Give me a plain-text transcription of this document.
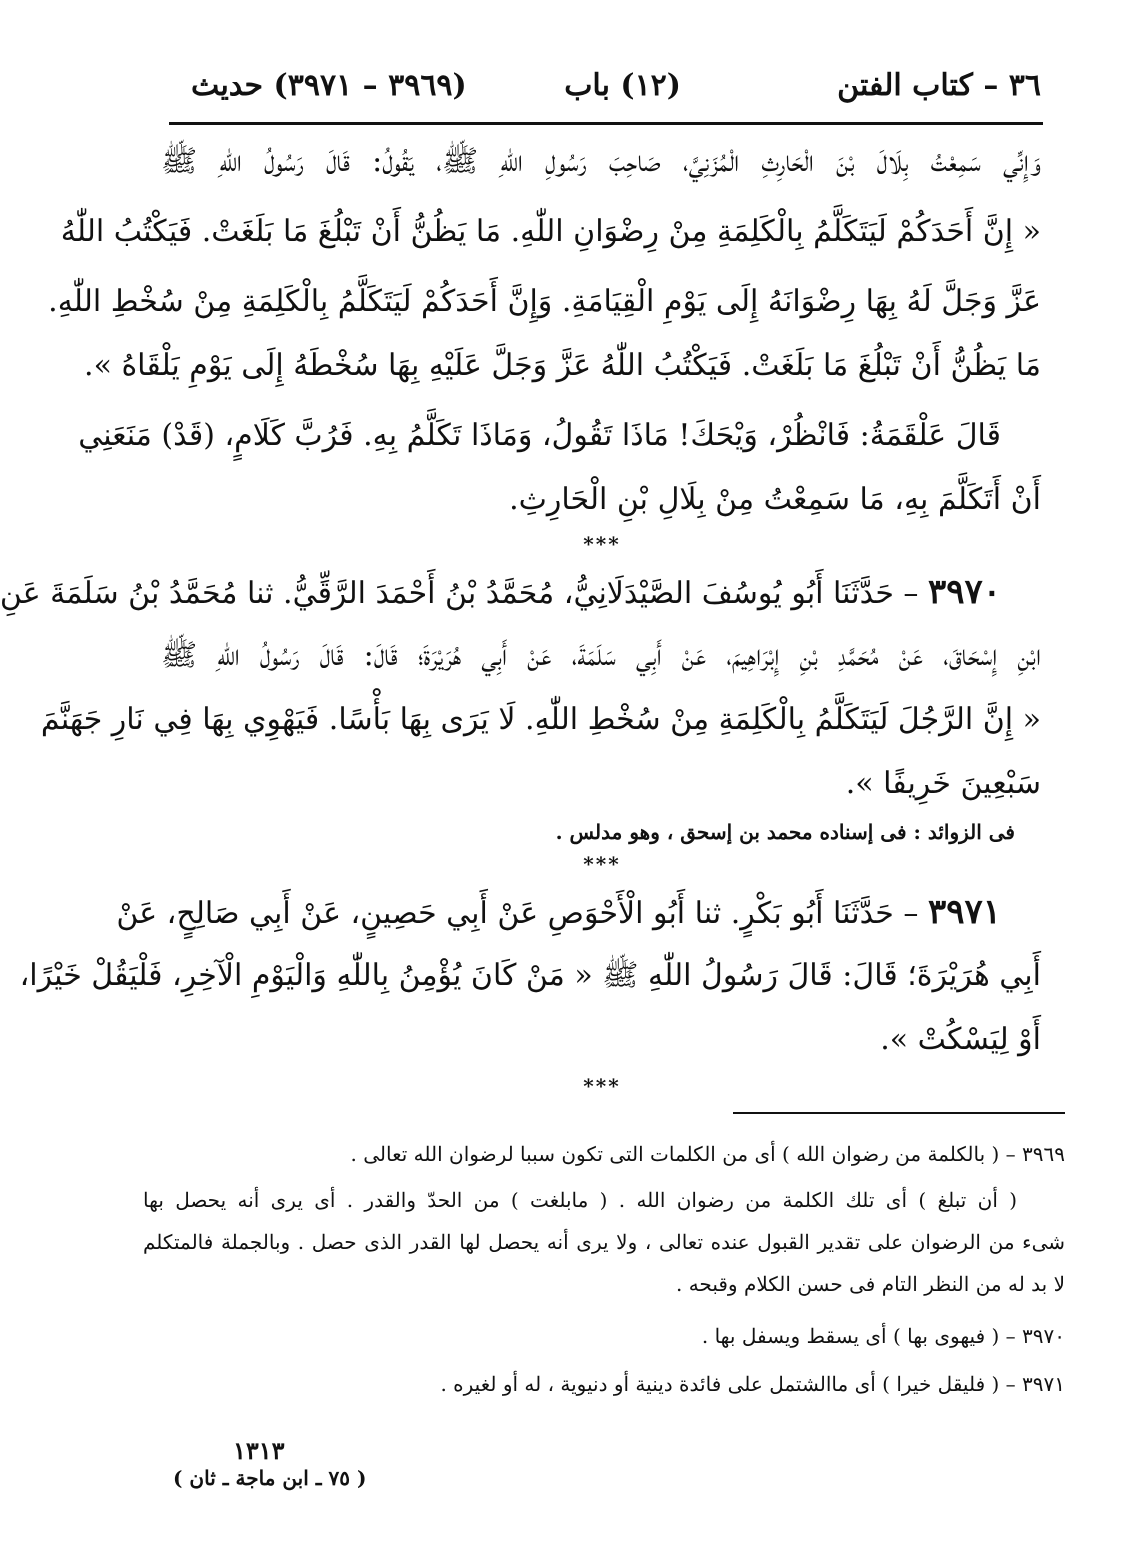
٣٦ – كتاب الفتن
(١٢) باب
(٣٩٦٩ – ٣٩٧١) حديث
وَإِنِّي سَمِعْتُ بِلَالَ بْنَ الْحَارِثِ الْمُزَنِيَّ، صَاحِبَ رَسُولِ اللّٰهِ ﷺ، يَقُولُ: قَالَ رَسُولُ اللّٰهِ ﷺ
« إِنَّ أَحَدَكُمْ لَيَتَكَلَّمُ بِالْكَلِمَةِ مِنْ رِضْوَانِ اللّٰهِ. مَا يَظُنُّ أَنْ تَبْلُغَ مَا بَلَغَتْ. فَيَكْتُبُ اللّٰهُ
عَزَّ وَجَلَّ لَهُ بِهَا رِضْوَانَهُ إِلَى يَوْمِ الْقِيَامَةِ. وَإِنَّ أَحَدَكُمْ لَيَتَكَلَّمُ بِالْكَلِمَةِ مِنْ سُخْطِ اللّٰهِ.
مَا يَظُنُّ أَنْ تَبْلُغَ مَا بَلَغَتْ. فَيَكْتُبُ اللّٰهُ عَزَّ وَجَلَّ عَلَيْهِ بِهَا سُخْطَهُ إِلَى يَوْمِ يَلْقَاهُ ».
قَالَ عَلْقَمَةُ: فَانْظُرْ، وَيْحَكَ! مَاذَا تَقُولُ، وَمَاذَا تَكَلَّمُ بِهِ. فَرُبَّ كَلَامٍ، (قَدْ) مَنَعَنِي
أَنْ أَتَكَلَّمَ بِهِ، مَا سَمِعْتُ مِنْ بِلَالِ بْنِ الْحَارِثِ.
***
٣٩٧٠ – حَدَّثَنَا أَبُو يُوسُفَ الصَّيْدَلَانِيُّ، مُحَمَّدُ بْنُ أَحْمَدَ الرَّقِّيُّ. ثنا مُحَمَّدُ بْنُ سَلَمَةَ عَنِ
ابْنِ إِسْحَاقَ، عَنْ مُحَمَّدِ بْنِ إِبْرَاهِيمَ، عَنْ أَبِي سَلَمَةَ، عَنْ أَبِي هُرَيْرَةَ؛ قَالَ: قَالَ رَسُولُ اللّٰهِ ﷺ
« إِنَّ الرَّجُلَ لَيَتَكَلَّمُ بِالْكَلِمَةِ مِنْ سُخْطِ اللّٰهِ. لَا يَرَى بِهَا بَأْسًا. فَيَهْوِي بِهَا فِي نَارِ جَهَنَّمَ
سَبْعِينَ خَرِيفًا ».
فى الزوائد : فى إسناده محمد بن إسحق ، وهو مدلس .
***
٣٩٧١ – حَدَّثَنَا أَبُو بَكْرٍ. ثنا أَبُو الْأَحْوَصِ عَنْ أَبِي حَصِينٍ، عَنْ أَبِي صَالِحٍ، عَنْ
أَبِي هُرَيْرَةَ؛ قَالَ: قَالَ رَسُولُ اللّٰهِ ﷺ « مَنْ كَانَ يُؤْمِنُ بِاللّٰهِ وَالْيَوْمِ الْآخِرِ، فَلْيَقُلْ خَيْرًا،
أَوْ لِيَسْكُتْ ».
***
٣٩٦٩ – ( بالكلمة من رضوان الله ) أى من الكلمات التى تكون سببا لرضوان الله تعالى .
( أن تبلغ ) أى تلك الكلمة من رضوان الله . ( مابلغت ) من الحدّ والقدر . أى يرى أنه يحصل بها
شىء من الرضوان على تقدير القبول عنده تعالى ، ولا يرى أنه يحصل لها القدر الذى حصل . وبالجملة فالمتكلم
لا بد له من النظر التام فى حسن الكلام وقبحه .
٣٩٧٠ – ( فيهوى بها ) أى يسقط ويسفل بها .
٣٩٧١ – ( فليقل خيرا ) أى ماالشتمل على فائدة دينية أو دنيوية ، له أو لغيره .
١٣١٣
( ٧٥ ـ ابن ماجة ـ ثان )
